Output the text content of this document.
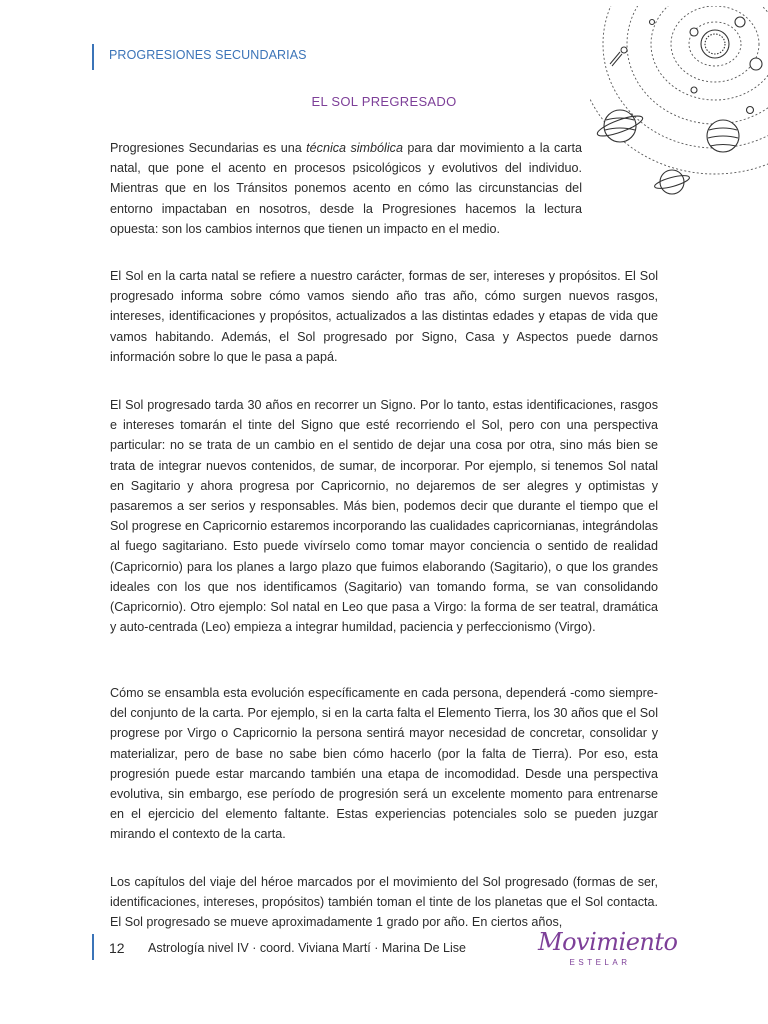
PROGRESIONES SECUNDARIAS
EL SOL PREGRESADO

Progresiones Secundarias es una técnica simbólica para dar movimiento a la carta natal, que pone el acento en procesos psicológicos y evolutivos del individuo. Mientras que en los Tránsitos ponemos acento en cómo las circunstancias del entorno impactaban en nosotros, desde la Progresiones hacemos la lectura opuesta: son los cambios internos que tienen un impacto en el medio.

El Sol en la carta natal se refiere a nuestro carácter, formas de ser, intereses y propósitos. El Sol progresado informa sobre cómo vamos siendo año tras año, cómo surgen nuevos rasgos, intereses, identificaciones y propósitos, actualizados a las distintas edades y etapas de vida que vamos habitando. Además, el Sol progresado por Signo, Casa y Aspectos puede darnos información sobre lo que le pasa a papá.

El Sol progresado tarda 30 años en recorrer un Signo. Por lo tanto, estas identificaciones, rasgos e intereses tomarán el tinte del Signo que esté recorriendo el Sol, pero con una perspectiva particular: no se trata de un cambio en el sentido de dejar una cosa por otra, sino más bien se trata de integrar nuevos contenidos, de sumar, de incorporar. Por ejemplo, si tenemos Sol natal en Sagitario y ahora progresa por Capricornio, no dejaremos de ser alegres y optimistas y pasaremos a ser serios y responsables. Más bien, podemos decir que durante el tiempo que el Sol progrese en Capricornio estaremos incorporando las cualidades capricornianas, integrándolas al fuego sagitariano. Esto puede vivírselo como tomar mayor conciencia o sentido de realidad (Capricornio) para los planes a largo plazo que fuimos elaborando (Sagitario), o que los grandes ideales con los que nos identificamos (Sagitario) van tomando forma, se van consolidando (Capricornio). Otro ejemplo: Sol natal en Leo que pasa a Virgo: la forma de ser teatral, dramática y auto-centrada (Leo) empieza a integrar humildad, paciencia y perfeccionismo (Virgo).

Cómo se ensambla esta evolución específicamente en cada persona, dependerá -como siempre- del conjunto de la carta. Por ejemplo, si en la carta falta el Elemento Tierra, los 30 años que el Sol progrese por Virgo o Capricornio la persona sentirá mayor necesidad de concretar, consolidar y materializar, pero de base no sabe bien cómo hacerlo (por la falta de Tierra). Por eso, esta progresión puede estar marcando también una etapa de incomodidad. Desde una perspectiva evolutiva, sin embargo, ese período de progresión será un excelente momento para entrenarse en el ejercicio del elemento faltante. Estas experiencias potenciales solo se pueden juzgar mirando el contexto de la carta.

Los capítulos del viaje del héroe marcados por el movimiento del Sol progresado (formas de ser, identificaciones, intereses, propósitos) también toman el tinte de los planetas que el Sol contacta. El Sol progresado se mueve aproximadamente 1 grado por año. En ciertos años,

12 Astrología nivel IV · coord. Viviana Martí · Marina De Lise	Movimiento
ESTELAR
